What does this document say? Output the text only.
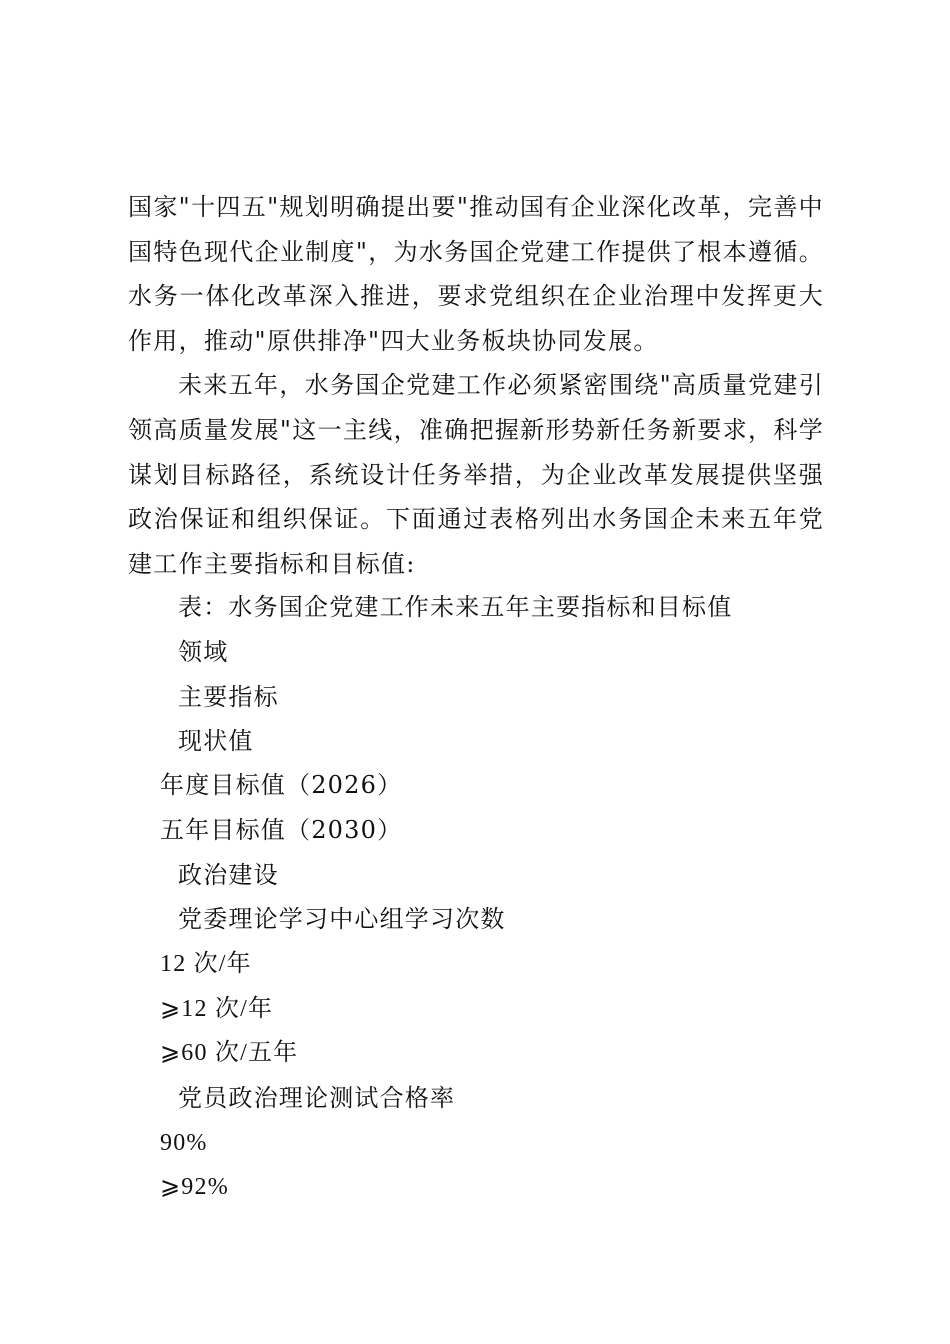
国家"十四五"规划明确提出要"推动国有企业深化改革，完善中国特色现代企业制度"，为水务国企党建工作提供了根本遵循。水务一体化改革深入推进，要求党组织在企业治理中发挥更大作用，推动"原供排净"四大业务板块协同发展。

未来五年，水务国企党建工作必须紧密围绕"高质量党建引领高质量发展"这一主线，准确把握新形势新任务新要求，科学谋划目标路径，系统设计任务举措，为企业改革发展提供坚强政治保证和组织保证。下面通过表格列出水务国企未来五年党建工作主要指标和目标值:

表：水务国企党建工作未来五年主要指标和目标值
领域
主要指标
现状值
年度目标值（2026）
五年目标值（2030）
政治建设
党委理论学习中心组学习次数
12 次/年
⩾12 次/年
⩾60 次/五年
党员政治理论测试合格率
90%
⩾92%
